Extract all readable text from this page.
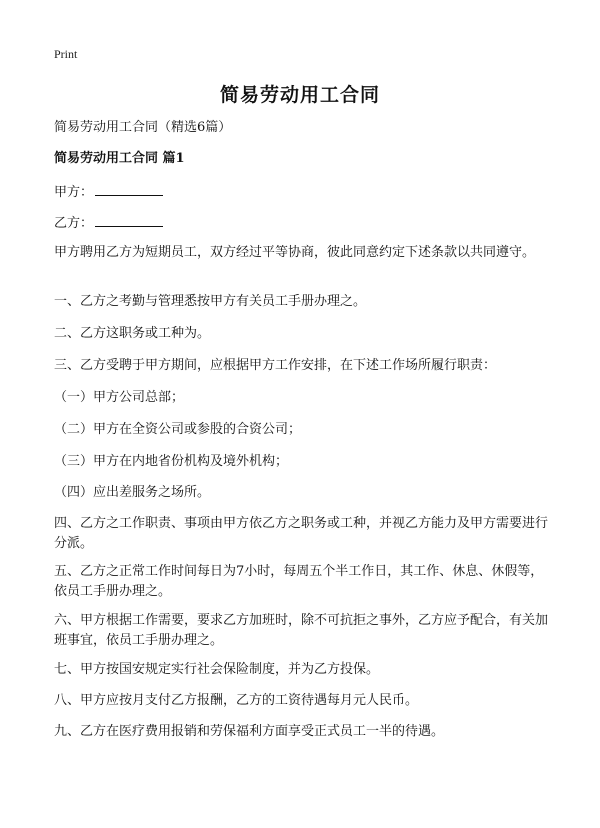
Print
简易劳动用工合同
简易劳动用工合同（精选6篇）
简易劳动用工合同 篇1
甲方：
乙方：
甲方聘用乙方为短期员工，双方经过平等协商，彼此同意约定下述条款以共同遵守。
一、乙方之考勤与管理悉按甲方有关员工手册办理之。
二、乙方这职务或工种为。
三、乙方受聘于甲方期间，应根据甲方工作安排，在下述工作场所履行职责：
（一）甲方公司总部；
（二）甲方在全资公司或参股的合资公司；
（三）甲方在内地省份机构及境外机构；
（四）应出差服务之场所。
四、乙方之工作职责、事项由甲方依乙方之职务或工种，并视乙方能力及甲方需要进行分派。
五、乙方之正常工作时间每日为7小时，每周五个半工作日，其工作、休息、休假等，依员工手册办理之。
六、甲方根据工作需要，要求乙方加班时，除不可抗拒之事外，乙方应予配合，有关加班事宜，依员工手册办理之。
七、甲方按国安规定实行社会保险制度，并为乙方投保。
八、甲方应按月支付乙方报酬，乙方的工资待遇每月元人民币。
九、乙方在医疗费用报销和劳保福利方面享受正式员工一半的待遇。
